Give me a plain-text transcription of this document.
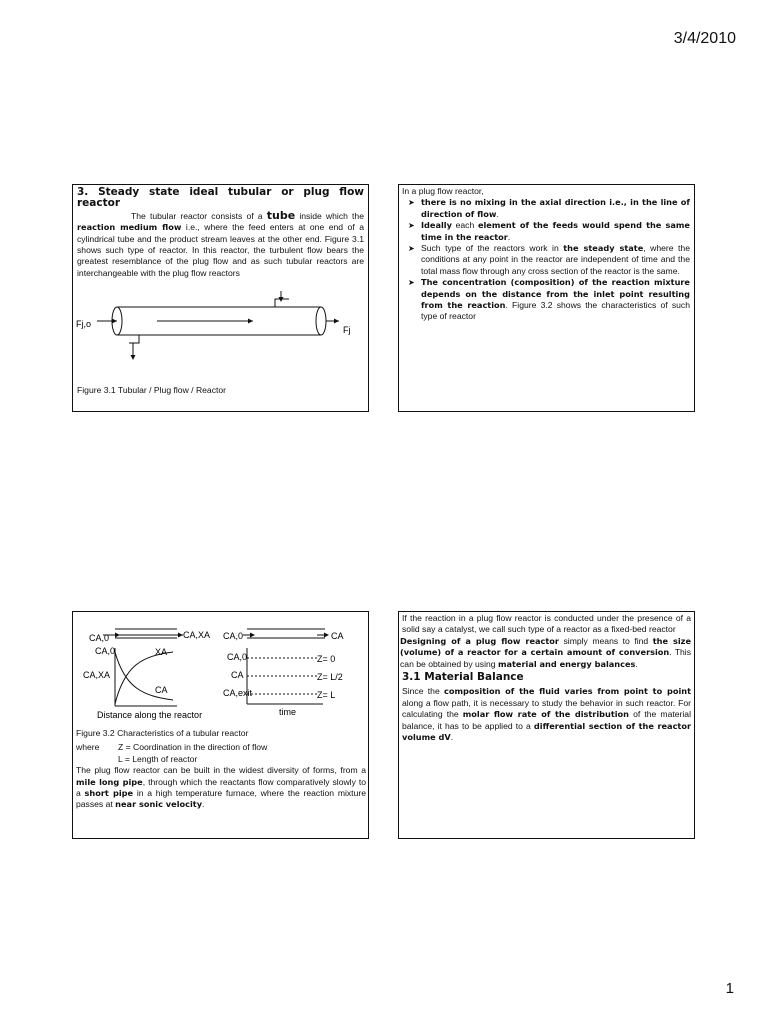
3/4/2010
3. Steady state ideal tubular or plug flow reactor
The tubular reactor consists of a tube inside which the reaction medium flow i.e., where the feed enters at one end of a cylindrical tube and the product stream leaves at the other end. Figure 3.1 shows such type of reactor. In this reactor, the turbulent flow bears the greatest resemblance of the plug flow and as such tubular reactors are interchangeable with the plug flow reactors
Fj,o
Fj
Figure 3.1 Tubular / Plug flow / Reactor
In a plug flow reactor,
➤ there is no mixing in the axial direction i.e., in the line of direction of flow.
➤ Ideally each element of the feeds would spend the same time in the reactor.
➤ Such type of the reactors work in the steady state, where the conditions at any point in the reactor are independent of time and the total mass flow through any cross section of the reactor is the same.
➤ The concentration (composition) of the reaction mixture depends on the distance from the inlet point resulting from the reaction. Figure 3.2 shows the characteristics of such type of reactor
CA,0	CA,XA
CA,0	XA
CA,XA
CA
Distance along the reactor
CA,0	CA
CA,0
CA
CA,exit
Z= 0
Z= L/2
Z= L
time
Figure 3.2 Characteristics of a tubular reactor
where Z = Coordination in the direction of flow
L = Length of reactor
The plug flow reactor can be built in the widest diversity of forms, from a mile long pipe, through which the reactants flow comparatively slowly to a short pipe in a high temperature furnace, where the reaction mixture passes at near sonic velocity.
If the reaction in a plug flow reactor is conducted under the presence of a solid say a catalyst, we call such type of a reactor as a fixed-bed reactor
Designing of a plug flow reactor simply means to find the size (volume) of a reactor for a certain amount of conversion. This can be obtained by using material and energy balances.
3.1 Material Balance
Since the composition of the fluid varies from point to point along a flow path, it is necessary to study the behavior in such reactor. For calculating the molar flow rate of the distribution of the material balance, it has to be applied to a differential section of the reactor volume dV.
1
